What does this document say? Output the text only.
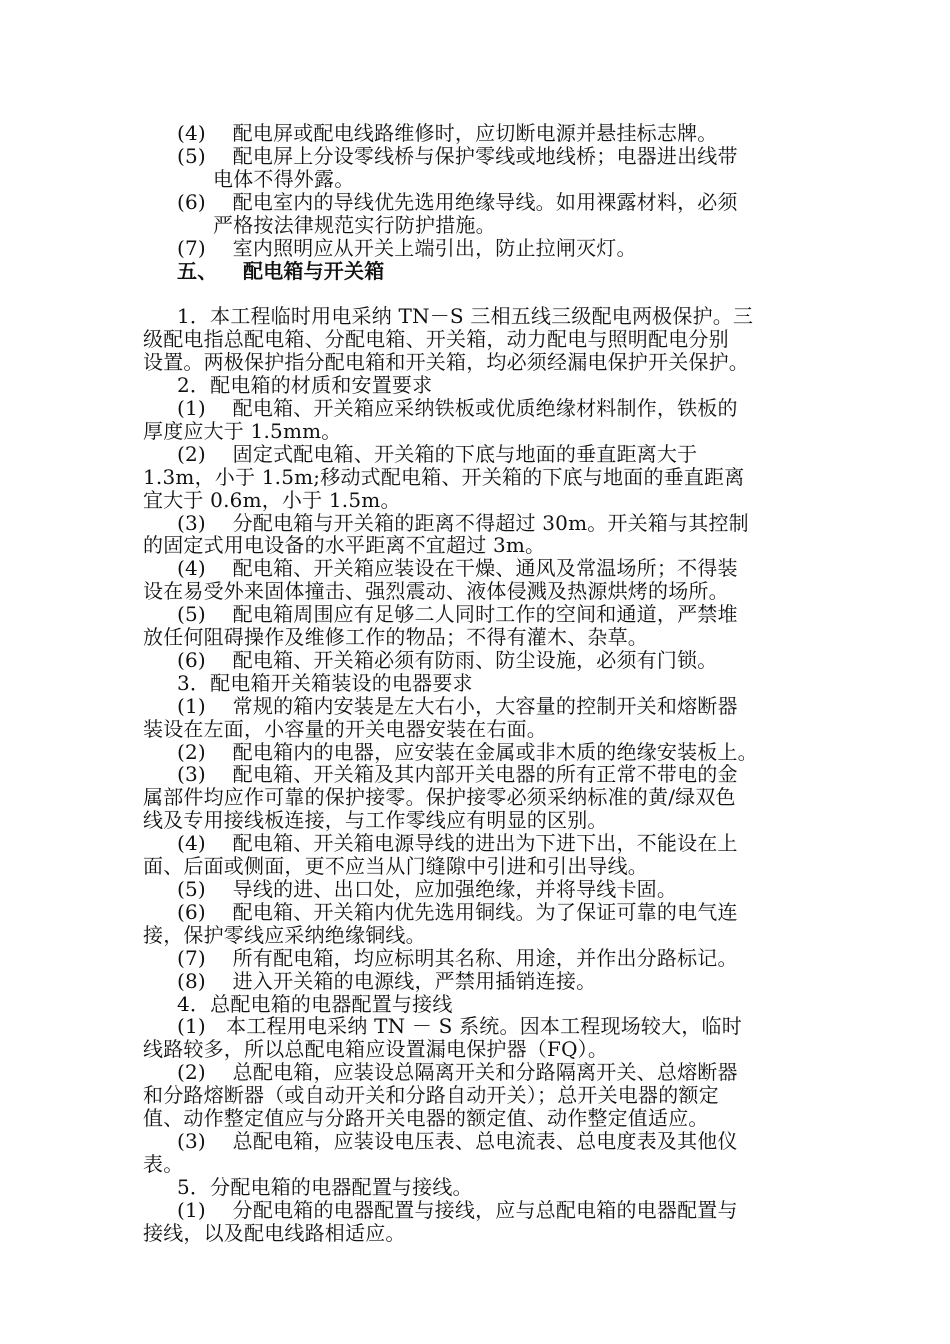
(4)　 配电屏或配电线路维修时，应切断电源并悬挂标志牌。

(5)　 配电屏上分设零线桥与保护零线或地线桥；电器进出线带

电体不得外露。

(6)　 配电室内的导线优先选用绝缘导线。如用裸露材料，必须

严格按法律规范实行防护措施。

(7)　 室内照明应从开关上端引出，防止拉闸灭灯。

五、 配电箱与开关箱

1．本工程临时用电采纳 TN－S 三相五线三级配电两极保护。三

级配电指总配电箱、分配电箱、开关箱，动力配电与照明配电分别

设置。两极保护指分配电箱和开关箱，均必须经漏电保护开关保护。

2．配电箱的材质和安置要求

(1)　 配电箱、开关箱应采纳铁板或优质绝缘材料制作，铁板的

厚度应大于 1.5mm。

(2)　 固定式配电箱、开关箱的下底与地面的垂直距离大于

1.3m，小于 1.5m;移动式配电箱、开关箱的下底与地面的垂直距离

宜大于 0.6m，小于 1.5m。

(3)　 分配电箱与开关箱的距离不得超过 30m。开关箱与其控制

的固定式用电设备的水平距离不宜超过 3m。

(4)　 配电箱、开关箱应装设在干燥、通风及常温场所；不得装

设在易受外来固体撞击、强烈震动、液体侵溅及热源烘烤的场所。

(5)　 配电箱周围应有足够二人同时工作的空间和通道，严禁堆

放任何阻碍操作及维修工作的物品；不得有灌木、杂草。

(6)　 配电箱、开关箱必须有防雨、防尘设施，必须有门锁。

3．配电箱开关箱装设的电器要求

(1)　 常规的箱内安装是左大右小，大容量的控制开关和熔断器

装设在左面，小容量的开关电器安装在右面。

(2)　 配电箱内的电器，应安装在金属或非木质的绝缘安装板上。

(3)　 配电箱、开关箱及其内部开关电器的所有正常不带电的金

属部件均应作可靠的保护接零。保护接零必须采纳标准的黄/绿双色

线及专用接线板连接，与工作零线应有明显的区别。

(4)　 配电箱、开关箱电源导线的进出为下进下出，不能设在上

面、后面或侧面，更不应当从门缝隙中引进和引出导线。

(5)　 导线的进、出口处，应加强绝缘，并将导线卡固。

(6)　 配电箱、开关箱内优先选用铜线。为了保证可靠的电气连

接，保护零线应采纳绝缘铜线。

(7)　 所有配电箱，均应标明其名称、用途，并作出分路标记。

(8)　 进入开关箱的电源线，严禁用插销连接。

4．总配电箱的电器配置与接线

(1)　本工程用电采纳 TN － S 系统。因本工程现场较大，临时

线路较多，所以总配电箱应设置漏电保护器（FQ）。

(2)　 总配电箱，应装设总隔离开关和分路隔离开关、总熔断器

和分路熔断器（或自动开关和分路自动开关）；总开关电器的额定

值、动作整定值应与分路开关电器的额定值、动作整定值适应。

(3)　 总配电箱，应装设电压表、总电流表、总电度表及其他仪

表。

5．分配电箱的电器配置与接线。

(1)　 分配电箱的电器配置与接线，应与总配电箱的电器配置与

接线，以及配电线路相适应。
